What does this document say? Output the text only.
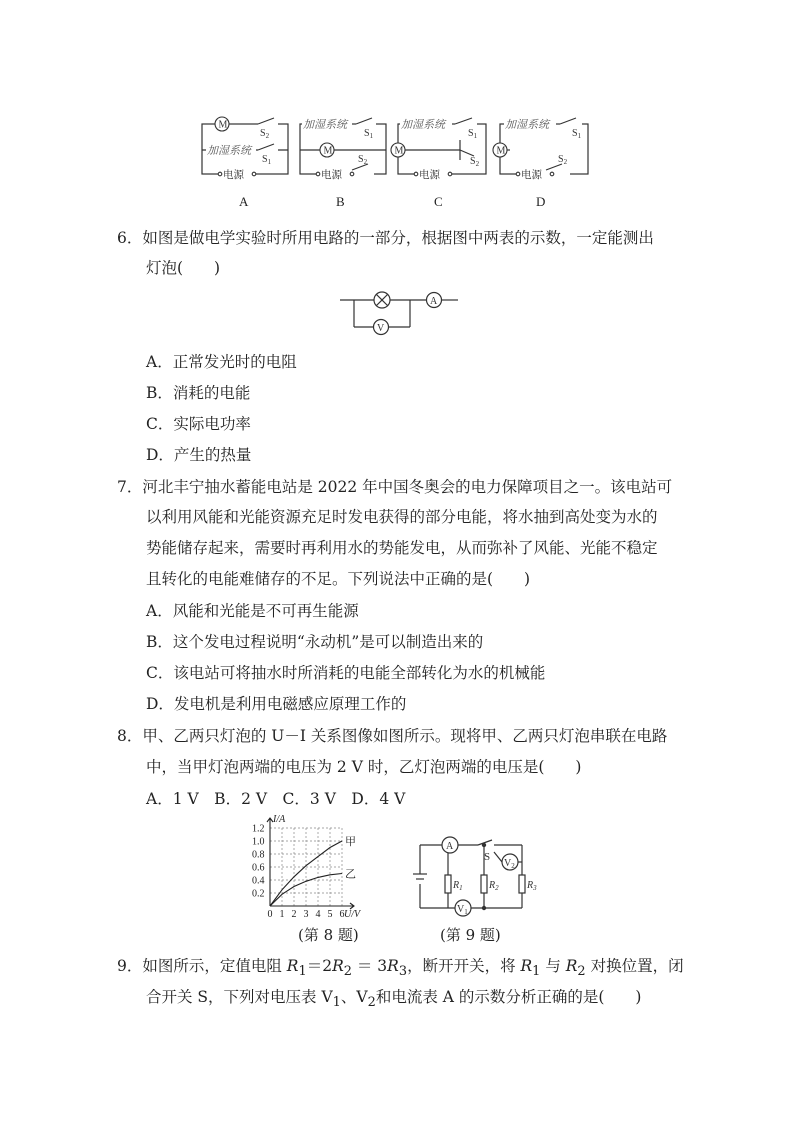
M
M	M	M
加湿系统
加湿系统	加湿系统	加湿系统
电源	电源	电源	电源
$S_2$
$S_1$
$S_1$
$S_2$
$S_1$
$S_2$
$S_1$
$S_2$
A	B	C	D
6．如图是做电学实验时所用电路的一部分，根据图中两表的示数，一定能测出
灯泡(　　)
A
V
A．正常发光时的电阻
B．消耗的电能
C．实际电功率
D．产生的热量
7．河北丰宁抽水蓄能电站是 2022 年中国冬奥会的电力保障项目之一。该电站可
以利用风能和光能资源充足时发电获得的部分电能，将水抽到高处变为水的
势能储存起来，需要时再利用水的势能发电，从而弥补了风能、光能不稳定
且转化的电能难储存的不足。下列说法中正确的是(　　)
A．风能和光能是不可再生能源
B．这个发电过程说明“永动机”是可以制造出来的
C．该电站可将抽水时所消耗的电能全部转化为水的机械能
D．发电机是利用电磁感应原理工作的
8．甲、乙两只灯泡的 U－I 关系图像如图所示。现将甲、乙两只灯泡串联在电路
中，当甲灯泡两端的电压为 2 V 时，乙灯泡两端的电压是(　　)
A．1 V　B．2 V　C．3 V　D．4 V
0 1 2 3 4 5 6
0.2
0.4
0.6
0.8
1.0
1.2
I/A
U/V
甲
乙
(第 8 题)
A
S
$V_2$
$V_1$
$R_1$	$R_2$	$R_3$
(第 9 题)
9．如图所示，定值电阻 $R_1=2R_2 = 3R_3$，断开开关，将 $R_1$ 与 $R_2$ 对换位置，闭
合开关 S，下列对电压表 $V_1$、$V_2$和电流表 A 的示数分析正确的是(　　)
